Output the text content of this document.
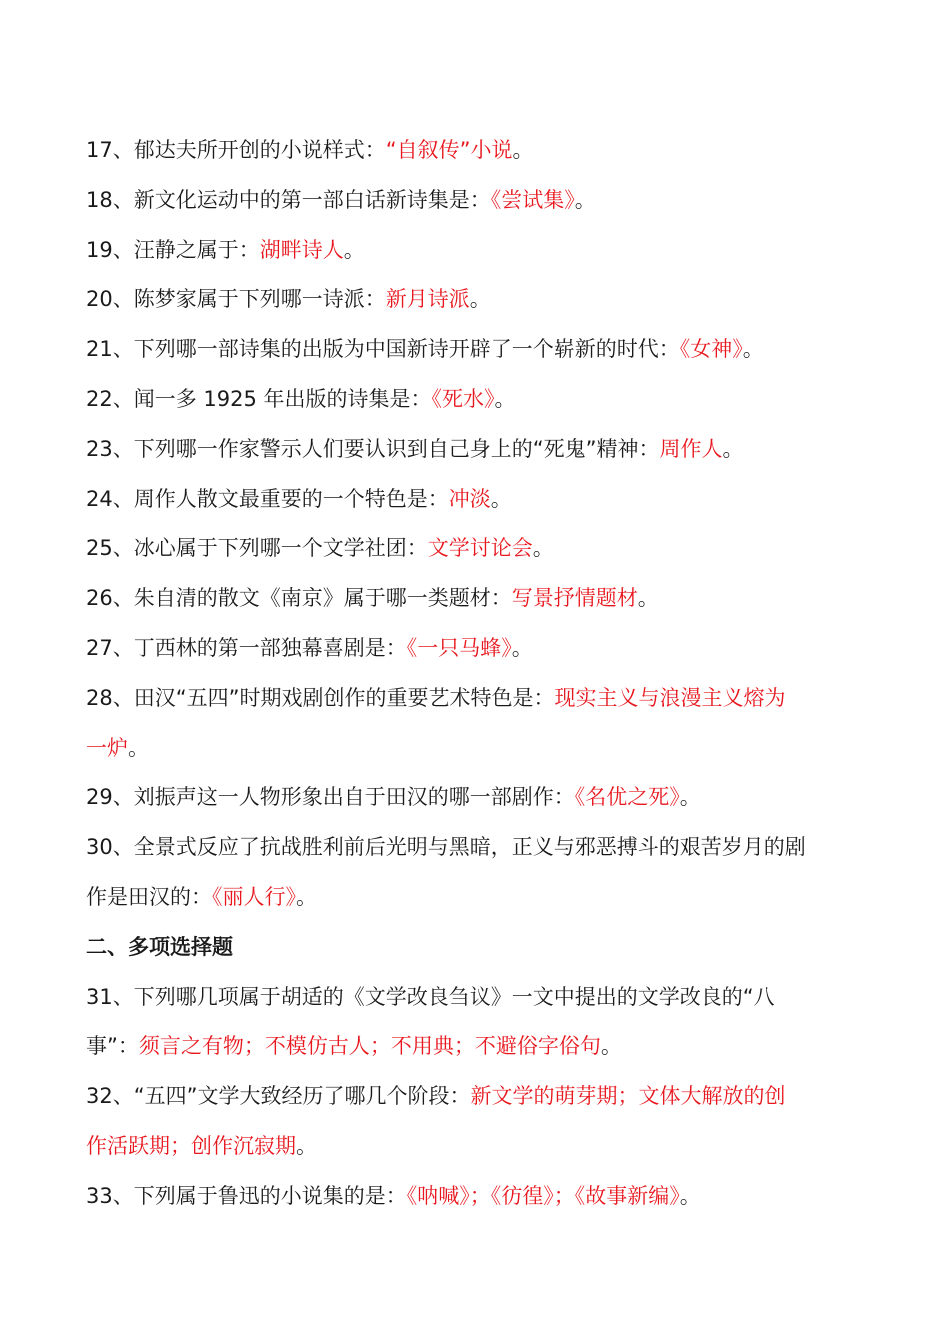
17、郁达夫所开创的小说样式：“自叙传”小说。
18、新文化运动中的第一部白话新诗集是：《尝试集》。
19、汪静之属于：湖畔诗人。
20、陈梦家属于下列哪一诗派：新月诗派。
21、下列哪一部诗集的出版为中国新诗开辟了一个崭新的时代：《女神》。
22、闻一多 1925 年出版的诗集是：《死水》。
23、下列哪一作家警示人们要认识到自己身上的“死鬼”精神：周作人。
24、周作人散文最重要的一个特色是：冲淡。
25、冰心属于下列哪一个文学社团：文学讨论会。
26、朱自清的散文《南京》属于哪一类题材：写景抒情题材。
27、丁西林的第一部独幕喜剧是：《一只马蜂》。
28、田汉“五四”时期戏剧创作的重要艺术特色是：现实主义与浪漫主义熔为
一炉。
29、刘振声这一人物形象出自于田汉的哪一部剧作：《名优之死》。
30、全景式反应了抗战胜利前后光明与黑暗，正义与邪恶搏斗的艰苦岁月的剧
作是田汉的：《丽人行》。
二、多项选择题
31、下列哪几项属于胡适的《文学改良刍议》一文中提出的文学改良的“八
事”：须言之有物；不模仿古人；不用典；不避俗字俗句。
32、“五四”文学大致经历了哪几个阶段：新文学的萌芽期；文体大解放的创
作活跃期；创作沉寂期。
33、下列属于鲁迅的小说集的是：《呐喊》；《彷徨》；《故事新编》。
